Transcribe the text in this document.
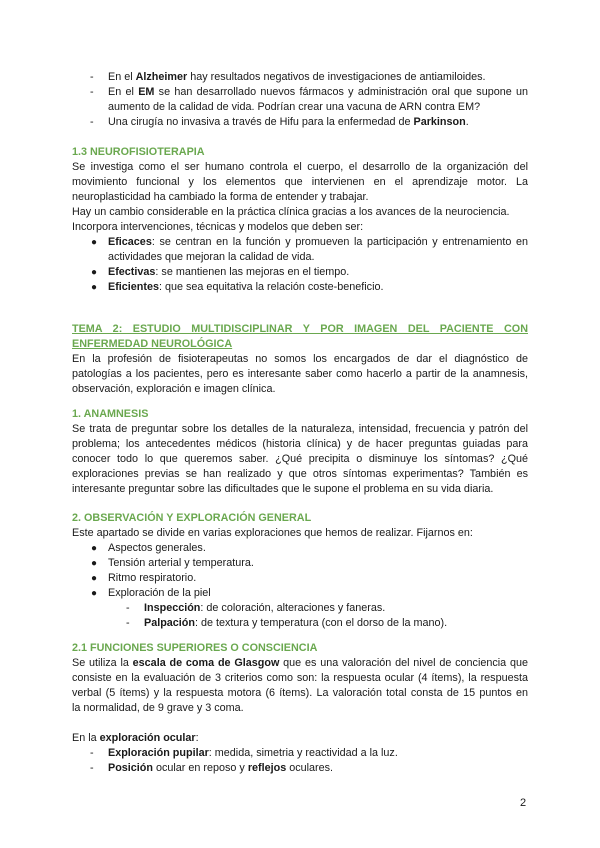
- En el Alzheimer hay resultados negativos de investigaciones de antiamiloides.
- En el EM se han desarrollado nuevos fármacos y administración oral que supone un

aumento de la calidad de vida. Podrían crear una vacuna de ARN contra EM?

- Una cirugía no invasiva a través de Hifu para la enfermedad de Parkinson.

1.3 NEUROFISIOTERAPIA

Se investiga como el ser humano controla el cuerpo, el desarrollo de la organización del

movimiento funcional y los elementos que intervienen en el aprendizaje motor. La

neuroplasticidad ha cambiado la forma de entender y trabajar.

Hay un cambio considerable en la práctica clínica gracias a los avances de la neurociencia.

Incorpora intervenciones, técnicas y modelos que deben ser:

● Eficaces: se centran en la función y promueven la participación y entrenamiento en

actividades que mejoran la calidad de vida.

● Efectivas: se mantienen las mejoras en el tiempo.
● Eficientes: que sea equitativa la relación coste-beneficio.

TEMA 2: ESTUDIO MULTIDISCIPLINAR Y POR IMAGEN DEL PACIENTE CON

ENFERMEDAD NEUROLÓGICA

En la profesión de fisioterapeutas no somos los encargados de dar el diagnóstico de

patologías a los pacientes, pero es interesante saber como hacerlo a partir de la anamnesis,

observación, exploración e imagen clínica.

1. ANAMNESIS

Se trata de preguntar sobre los detalles de la naturaleza, intensidad, frecuencia y patrón del

problema; los antecedentes médicos (historia clínica) y de hacer preguntas guiadas para

conocer todo lo que queremos saber. ¿Qué precipita o disminuye los síntomas? ¿Qué

exploraciones previas se han realizado y que otros síntomas experimentas? También es

interesante preguntar sobre las dificultades que le supone el problema en su vida diaria.

2. OBSERVACIÓN Y EXPLORACIÓN GENERAL

Este apartado se divide en varias exploraciones que hemos de realizar. Fijarnos en:

● Aspectos generales.
● Tensión arterial y temperatura.
● Ritmo respiratorio.
● Exploración de la piel
- Inspección: de coloración, alteraciones y faneras.
- Palpación: de textura y temperatura (con el dorso de la mano).

2.1 FUNCIONES SUPERIORES O CONSCIENCIA

Se utiliza la escala de coma de Glasgow que es una valoración del nivel de conciencia que

consiste en la evaluación de 3 criterios como son: la respuesta ocular (4 ítems), la respuesta

verbal (5 ítems) y la respuesta motora (6 ítems). La valoración total consta de 15 puntos en

la normalidad, de 9 grave y 3 coma.

En la exploración ocular:

- Exploración pupilar: medida, simetria y reactividad a la luz.
- Posición ocular en reposo y reflejos oculares.
2
